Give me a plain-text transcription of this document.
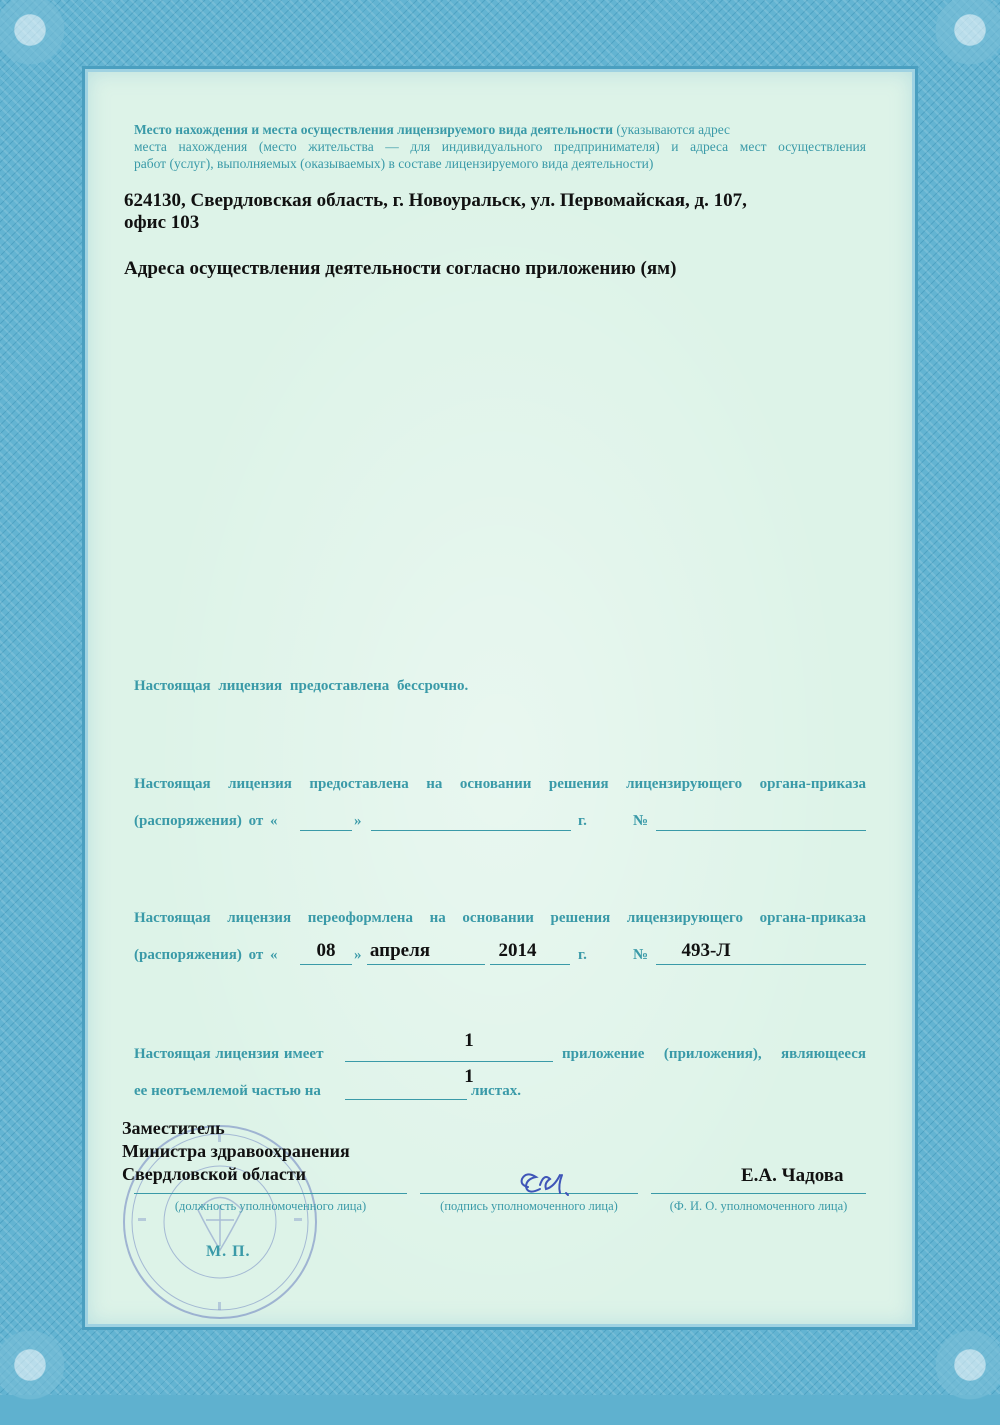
Место нахождения и места осуществления лицензируемого вида деятельности (указываются адрес
места нахождения (место жительства — для индивидуального предпринимателя) и адреса мест осуществления
работ (услуг), выполняемых (оказываемых) в составе лицензируемого вида деятельности)
624130, Свердловская область, г. Новоуральск, ул. Первомайская, д. 107,
офис 103
Адреса осуществления деятельности согласно приложению (ям)
Настоящая лицензия предоставлена бессрочно.
Настоящая лицензия предоставлена на основании решения лицензирующего органа-приказа
(распоряжения) от «	»	г.	№
Настоящая лицензия переоформлена на основании решения лицензирующего органа-приказа
(распоряжения) от «	08	» апреля	2014	г.	№	493-Л
Настоящая лицензия имеет
1
приложение (приложения), являющееся
ее неотъемлемой частью на
1
листах.
Заместитель
Министра здравоохранения
Свердловской области	Е.А. Чадова
(должность уполномоченного лица)	(подпись уполномоченного лица)	(Ф. И. О. уполномоченного лица)
М. П.
